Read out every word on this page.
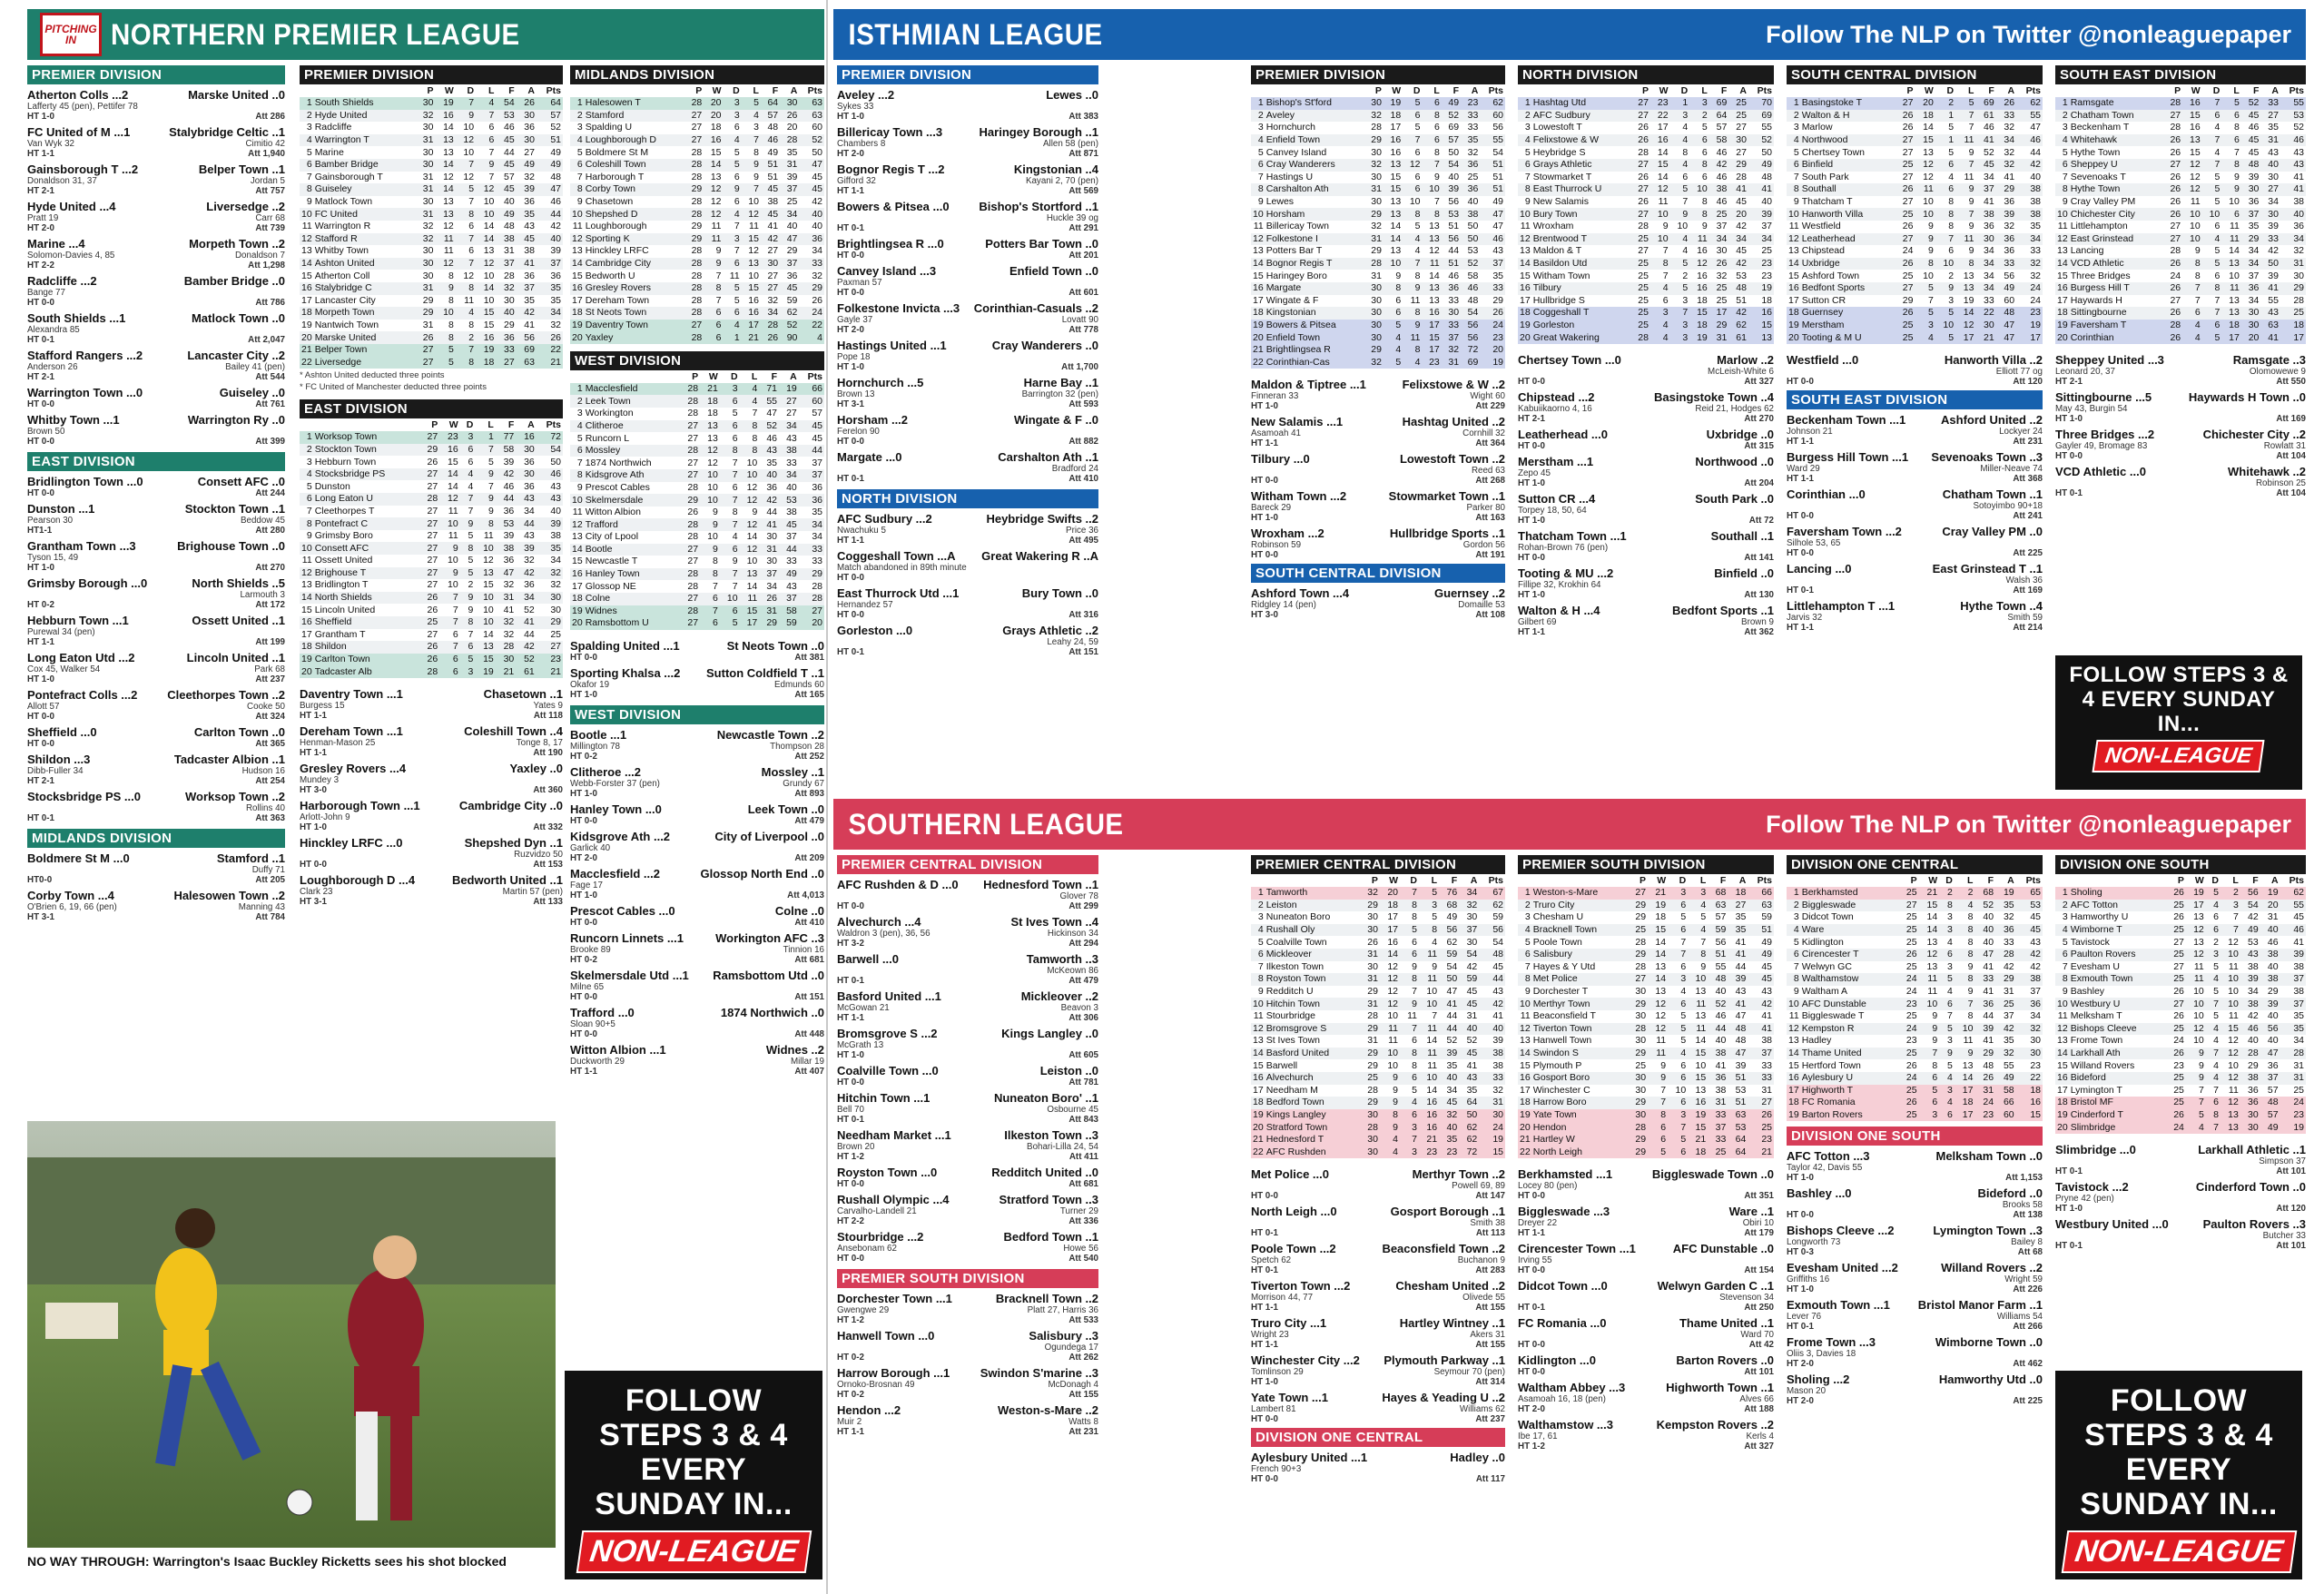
PITCHING IN	NORTHERN PREMIER LEAGUE	ISTHMIAN LEAGUE	Follow The NLP on Twitter @nonleaguepaper
SOUTHERN LEAGUE	Follow The NLP on Twitter @nonleaguepaper
PREMIER DIVISION
Atherton Colls ...2	Marske United ..0
Lafferty 45 (pen), Pettifer 78
HT 1-0	Att 286
FC United of M ...1	Stalybridge Celtic ..1
Van Wyk 32	Cimitio 42
HT 1-1	Att 1,940
Gainsborough T ...2	Belper Town ..1
Donaldson 31, 37	Jordan 5
HT 2-1	Att 757
Hyde United ...4	Liversedge ..2
Pratt 19	Carr 68
HT 2-0	Att 739
Marine ...4	Morpeth Town ..2
Solomon-Davies 4, 85	Donaldson 7
HT 2-2	Att 1,298
Radcliffe ...2	Bamber Bridge ..0
Bange 77
HT 0-0	Att 786
South Shields ...1	Matlock Town ..0
Alexandra 85
HT 0-1	Att 2,047
Stafford Rangers ...2	Lancaster City ..2
Anderson 26	Bailey 41 (pen)
HT 2-1	Att 544
Warrington Town ...0	Guiseley ..0
HT 0-0	Att 761
Whitby Town ...1	Warrington Ry ..0
Brown 50
HT 0-0	Att 399
EAST DIVISION
Bridlington Town ...0	Consett AFC ..0
HT 0-0	Att 244
Dunston ...1	Stockton Town ..1
Pearson 30	Beddow 45
HT1-1	Att 280
Grantham Town ...3	Brighouse Town ..0
Tyson 15, 49
HT 1-0	Att 270
Grimsby Borough ...0	North Shields ..5
Larmouth 3
HT 0-2	Att 172
Hebburn Town ...1	Ossett United ..1
Purewal 34 (pen)
HT 1-1	Att 199
Long Eaton Utd ...2	Lincoln United ..1
Cox 45, Walker 54	Park 68
HT 1-0	Att 237
Pontefract Colls ...2	Cleethorpes Town ..2
Allott 57	Cooke 50
HT 0-0	Att 324
Sheffield ...0	Carlton Town ..0
HT 0-0	Att 365
Shildon ...3	Tadcaster Albion ..1
Dibb-Fuller 34	Hudson 16
HT 2-1	Att 254
Stocksbridge PS ...0	Worksop Town ..2
Rollins 40
HT 0-1	Att 363
MIDLANDS DIVISION
Boldmere St M ...0	Stamford ..1
Duffy 71
HT0-0	Att 205
Corby Town ...4	Halesowen Town ..2
O'Brien 6, 19, 66 (pen)	Manning 43
HT 3-1	Att 784
PREMIER DIVISION
		P	W	D	L	F	A	Pts
1	South Shields	30	19	7	4	54	26	64
2	Hyde United	32	16	9	7	53	30	57
3	Radcliffe	30	14	10	6	46	36	52
4	Warrington T	31	13	12	6	45	30	51
5	Marine	30	13	10	7	44	27	49
6	Bamber Bridge	30	14	7	9	45	49	49
7	Gainsborough T	31	12	12	7	57	32	48
8	Guiseley	31	14	5	12	45	39	47
9	Matlock Town	30	13	7	10	40	36	46
10	FC United	31	13	8	10	49	35	44
11	Warrington R	32	12	6	14	48	43	42
12	Stafford R	32	11	7	14	38	45	40
13	Whitby Town	30	11	6	13	31	38	39
14	Ashton United	30	12	7	12	37	41	37
15	Atherton Coll	30	8	12	10	28	36	36
16	Stalybridge C	31	9	8	14	32	37	35
17	Lancaster City	29	8	11	10	30	35	35
18	Morpeth Town	29	10	4	15	40	42	34
19	Nantwich Town	31	8	8	15	29	41	32
20	Marske United	26	8	2	16	36	56	26
21	Belper Town	27	5	7	19	33	69	22
22	Liversedge	27	5	8	18	27	63	21
* Ashton United deducted three points
* FC United of Manchester deducted three points
EAST DIVISION
		P	W	D	L	F	A	Pts
1	Worksop Town	27	23	3	1	77	16	72
2	Stockton Town	29	16	6	7	58	30	54
3	Hebburn Town	26	15	6	5	39	36	50
4	Stocksbridge PS	27	14	4	9	42	30	46
5	Dunston	27	14	4	7	46	36	43
6	Long Eaton U	28	12	7	9	44	43	43
7	Cleethorpes T	27	11	7	9	36	34	40
8	Pontefract C	27	10	9	8	53	44	39
9	Grimsby Boro	27	11	5	11	39	43	38
10	Consett AFC	27	9	8	10	38	39	35
11	Ossett United	27	10	5	12	36	32	34
12	Brighouse T	27	9	5	13	47	42	32
13	Bridlington T	27	10	2	15	32	36	32
14	North Shields	26	7	9	10	31	34	30
15	Lincoln United	26	7	9	10	41	52	30
16	Sheffield	25	7	8	10	32	41	29
17	Grantham T	27	6	7	14	32	44	25
18	Shildon	26	7	6	13	28	42	27
19	Carlton Town	26	6	5	15	30	52	23
20	Tadcaster Alb	28	6	3	19	21	61	21
Daventry Town ...1	Chasetown ..1
Burgess 15	Yates 9
HT 1-1	Att 118
Dereham Town ...1	Coleshill Town ..4
Henman-Mason 25	Tonge 8, 17
HT 1-1	Att 190
Gresley Rovers ...4	Yaxley ..0
Mundey 3
HT 3-0	Att 360
Harborough Town ...1	Cambridge City ..0
Arlott-John 9
HT 1-0	Att 332
Hinckley LRFC ...0	Shepshed Dyn ..1
Ruzvidzo 50
HT 0-0	Att 153
Loughborough D ...4	Bedworth United ..1
Clark 23	Martin 57 (pen)
HT 3-1	Att 133
MIDLANDS DIVISION
		P	W	D	L	F	A	Pts
1	Halesowen T	28	20	3	5	64	30	63
2	Stamford	27	20	3	4	57	26	63
3	Spalding U	27	18	6	3	48	20	60
4	Loughborough D	27	16	4	7	46	28	52
5	Boldmere St M	28	15	5	8	49	35	50
6	Coleshill Town	28	14	5	9	51	31	47
7	Harborough T	28	13	6	9	51	39	45
8	Corby Town	29	12	9	7	45	37	45
9	Chasetown	28	12	6	10	38	25	42
10	Shepshed D	28	12	4	12	45	34	40
11	Loughborough	29	11	7	11	41	40	40
12	Sporting K	29	11	3	15	42	47	36
13	Hinckley LRFC	28	9	7	12	27	29	34
14	Cambridge City	28	9	6	13	30	37	33
15	Bedworth U	28	7	11	10	27	36	32
16	Gresley Rovers	28	8	5	15	27	45	29
17	Dereham Town	28	7	5	16	32	59	26
18	St Neots Town	28	6	6	16	34	62	24
19	Daventry Town	27	6	4	17	28	52	22
20	Yaxley	28	6	1	21	26	90	4
WEST DIVISION
		P	W	D	L	F	A	Pts
1	Macclesfield	28	21	3	4	71	19	66
2	Leek Town	28	18	6	4	55	27	60
3	Workington	28	18	5	7	47	27	57
4	Clitheroe	27	13	6	8	52	34	45
5	Runcorn L	27	13	6	8	46	43	45
6	Mossley	28	12	8	8	43	38	44
7	1874 Northwich	27	12	7	10	35	33	37
8	Kidsgrove Ath	27	10	7	10	40	34	37
9	Prescot Cables	28	10	6	12	36	40	36
10	Skelmersdale	29	10	7	12	42	53	36
11	Witton Albion	26	9	8	9	44	38	35
12	Trafford	28	9	7	12	41	45	34
13	City of Lpool	28	10	4	14	30	37	34
14	Bootle	27	9	6	12	31	44	33
15	Newcastle T	27	8	9	10	30	33	33
16	Hanley Town	28	8	7	13	37	49	29
17	Glossop NE	28	7	7	14	34	43	28
18	Colne	27	6	10	11	26	37	28
19	Widnes	28	7	6	15	31	58	27
20	Ramsbottom U	27	6	5	17	29	59	20
Spalding United ...1	St Neots Town ..0
HT 0-0	Att 381
Sporting Khalsa ...2	Sutton Coldfield T ..1
Okafor 19	Edmunds 60
HT 1-0	Att 165
WEST DIVISION
Bootle ...1	Newcastle Town ..2
Millington 78	Thompson 28
HT 0-2	Att 252
Clitheroe ...2	Mossley ..1
Webb-Forster 37 (pen)	Grundy 67
HT 1-0	Att 893
Hanley Town ...0	Leek Town ..0
HT 0-0	Att 479
Kidsgrove Ath ...2	City of Liverpool ..0
Garlick 40
HT 2-0	Att 209
Macclesfield ...2	Glossop North End ..0
Fage 17
HT 1-0	Att 4,013
Prescot Cables ...0	Colne ..0
HT 0-0	Att 410
Runcorn Linnets ...1	Workington AFC ..3
Brooke 89	Tinnion 16
HT 0-2	Att 681
Skelmersdale Utd ...1	Ramsbottom Utd ..0
Milne 65
HT 0-0	Att 151
Trafford ...0	1874 Northwich ..0
Sloan 90+5
HT 0-0	Att 448
Witton Albion ...1	Widnes ..2
Duckworth 29	Millar 19
HT 1-1	Att 407
FOLLOW STEPS 3 & 4 EVERY SUNDAY IN...
NON-LEAGUE
NO WAY THROUGH: Warrington's Isaac Buckley Ricketts sees his shot blocked
PREMIER DIVISION
Aveley ...2	Lewes ..0
Sykes 33
HT 1-0	Att 383
Billericay Town ...3	Haringey Borough ..1
Chambers 8	Allen 58 (pen)
HT 2-0	Att 871
Bognor Regis T ...2	Kingstonian ..4
Gifford 32	Kayani 2, 70 (pen)
HT 1-1	Att 569
Bowers & Pitsea ...0	Bishop's Stortford ..1
Huckle 39 og
HT 0-1	Att 291
Brightlingsea R ...0	Potters Bar Town ..0
HT 0-0	Att 201
Canvey Island ...3	Enfield Town ..0
Paxman 57
HT 0-0	Att 601
Folkestone Invicta ...3	Corinthian-Casuals ..2
Gayle 37	Lovatt 90
HT 2-0	Att 778
Hastings United ...1	Cray Wanderers ..0
Pope 18
HT 1-0	Att 1,700
Hornchurch ...5	Harne Bay ..1
Brown 13	Barrington 32 (pen)
HT 3-1	Att 593
Horsham ...2	Wingate & F ..0
Ferelon 90
HT 0-0	Att 882
Margate ...0	Carshalton Ath ..1
Bradford 24
HT 0-1	Att 410
NORTH DIVISION
AFC Sudbury ...2	Heybridge Swifts ..2
Nwachuku 5	Price 36
HT 1-1	Att 495
Coggeshall Town ...A	Great Wakering R ..A
Match abandoned in 89th minute
HT 0-0
East Thurrock Utd ...1	Bury Town ..0
Hernandez 57
HT 0-0	Att 316
Gorleston ...0	Grays Athletic ..2
Leahy 24, 59
HT 0-1	Att 151
PREMIER DIVISION
		P	W	D	L	F	A	Pts
1	Bishop's St'ford	30	19	5	6	49	23	62
2	Aveley	32	18	6	8	52	33	60
3	Hornchurch	28	17	5	6	69	33	56
4	Enfield Town	29	16	7	6	57	35	55
5	Canvey Island	30	16	6	8	50	32	54
6	Cray Wanderers	32	13	12	7	54	36	51
7	Hastings U	30	15	6	9	40	25	51
8	Carshalton Ath	31	15	6	10	39	36	51
9	Lewes	30	13	10	7	56	40	49
10	Horsham	29	13	8	8	53	38	47
11	Billericay Town	32	14	5	13	51	50	47
12	Folkestone I	31	14	4	13	56	50	46
13	Potters Bar T	29	13	4	12	44	53	43
14	Bognor Regis T	28	10	7	11	51	52	37
15	Haringey Boro	31	9	8	14	46	58	35
16	Margate	30	8	9	13	36	46	33
17	Wingate & F	30	6	11	13	33	48	29
18	Kingstonian	30	6	8	16	30	54	26
19	Bowers & Pitsea	30	5	9	17	33	56	24
20	Enfield Town	30	4	11	15	37	56	23
21	Brightlingsea R	29	4	8	17	32	72	20
22	Corinthian-Cas	32	5	4	23	31	69	19
Maldon & Tiptree ...1	Felixstowe & W ..2
Finneran 33	Wight 60
HT 1-0	Att 229
New Salamis ...1	Hashtag United ..2
Asamoah 41	Cornhill 32
HT 1-1	Att 364
Tilbury ...0	Lowestoft Town ..2
Reed 63
HT 0-0	Att 268
Witham Town ...2	Stowmarket Town ..1
Bareck 29	Parker 80
HT 1-0	Att 163
Wroxham ...2	Hullbridge Sports ..1
Robinson 59	Gordon 56
HT 0-0	Att 191
SOUTH CENTRAL DIVISION
Ashford Town ...4	Guernsey ..2
Ridgley 14 (pen)	Domaille 53
HT 3-0	Att 108
NORTH DIVISION
		P	W	D	L	F	A	Pts
1	Hashtag Utd	27	23	1	3	69	25	70
2	AFC Sudbury	27	22	3	2	64	25	69
3	Lowestoft T	26	17	4	5	57	27	55
4	Felixstowe & W	26	16	4	6	58	30	52
5	Heybridge S	28	14	8	6	46	27	50
6	Grays Athletic	27	15	4	8	42	29	49
7	Stowmarket T	26	14	6	6	46	28	48
8	East Thurrock U	27	12	5	10	38	41	41
9	New Salamis	26	11	7	8	46	45	40
10	Bury Town	27	10	9	8	25	20	39
11	Wroxham	28	9	10	9	37	42	37
12	Brentwood T	25	10	4	11	34	34	34
13	Maldon & T	27	7	4	16	30	45	25
14	Basildon Utd	25	8	5	12	26	42	23
15	Witham Town	25	7	2	16	32	53	23
16	Tilbury	25	4	5	16	25	48	19
17	Hullbridge S	25	6	3	18	25	51	18
18	Coggeshall T	25	3	7	15	17	42	16
19	Gorleston	25	4	3	18	29	62	15
20	Great Wakering	28	4	3	19	31	61	13
Chertsey Town ...0	Marlow ..2
McLeish-White 6
HT 0-0	Att 327
Chipstead ...2	Basingstoke Town ..4
Kabuiikaorno 4, 16	Reid 21, Hodges 62
HT 2-1	Att 270
Leatherhead ...0	Uxbridge ..0
HT 0-0	Att 315
Merstham ...1	Northwood ..0
Zepo 45
HT 1-0	Att 204
Sutton CR ...4	South Park ..0
Torpey 18, 50, 64
HT 1-0	Att 72
Thatcham Town ...1	Southall ..1
Rohan-Brown 76 (pen)
HT 0-0	Att 141
Tooting & MU ...2	Binfield ..0
Fillipe 32, Krokhin 64
HT 1-0	Att 130
Walton & H ...4	Bedfont Sports ..1
Gilbert 69	Brown 9
HT 1-1	Att 362
SOUTH CENTRAL DIVISION
		P	W	D	L	F	A	Pts
1	Basingstoke T	27	20	2	5	69	26	62
2	Walton & H	26	18	1	7	61	33	55
3	Marlow	26	14	5	7	46	32	47
4	Northwood	27	15	1	11	41	34	46
5	Chertsey Town	27	13	5	9	52	32	44
6	Binfield	25	12	6	7	45	32	42
7	South Park	27	12	4	11	34	41	40
8	Southall	26	11	6	9	37	29	38
9	Thatcham T	27	10	8	9	41	36	38
10	Hanworth Villa	25	10	8	7	38	39	38
11	Westfield	26	9	8	9	36	32	35
12	Leatherhead	27	9	7	11	30	36	34
13	Chipstead	24	9	6	9	34	36	33
14	Uxbridge	26	8	10	8	34	33	32
15	Ashford Town	25	10	2	13	34	56	32
16	Bedfont Sports	27	5	9	13	34	49	24
17	Sutton CR	29	7	3	19	33	60	24
18	Guernsey	26	5	5	14	22	48	23
19	Merstham	25	3	10	12	30	47	19
20	Tooting & M U	25	4	5	17	21	47	17
Westfield ...0	Hanworth Villa ..2
Elliott 77 og
HT 0-0	Att 120
SOUTH EAST DIVISION
Beckenham Town ...1	Ashford United ..2
Johnson 21	Lockyer 24
HT 1-1	Att 231
Burgess Hill Town ...1	Sevenoaks Town ..3
Ward 29	Miller-Neave 74
HT 1-1	Att 368
Corinthian ...0	Chatham Town ..1
Sotoyimbo 90+18
HT 0-0	Att 241
Faversham Town ...2	Cray Valley PM ..0
Silhole 53, 65
HT 0-0	Att 225
Lancing ...0	East Grinstead T ..1
Walsh 36
HT 0-1	Att 169
Littlehampton T ...1	Hythe Town ..4
Jarvis 32	Smith 59
HT 1-1	Att 214
SOUTH EAST DIVISION
		P	W	D	L	F	A	Pts
1	Ramsgate	28	16	7	5	52	33	55
2	Chatham Town	27	15	6	6	45	27	53
3	Beckenham T	28	16	4	8	46	35	52
4	Whitehawk	26	13	7	6	45	31	46
5	Hythe Town	26	15	4	7	45	43	43
6	Sheppey U	27	12	7	8	48	40	43
7	Sevenoaks T	26	12	5	9	39	30	41
8	Hythe Town	26	12	5	9	30	27	41
9	Cray Valley PM	26	11	5	10	36	34	38
10	Chichester City	26	10	10	6	37	30	40
11	Littlehampton	27	10	6	11	35	39	36
12	East Grinstead	27	10	4	11	29	33	34
13	Lancing	28	9	5	14	34	42	32
14	VCD Athletic	26	8	5	13	34	50	31
15	Three Bridges	24	8	6	10	37	39	30
16	Burgess Hill T	26	7	8	11	36	41	29
17	Haywards H	27	7	7	13	34	55	28
18	Sittingbourne	26	6	7	13	30	43	25
19	Faversham T	28	4	6	18	30	63	18
20	Corinthian	26	4	5	17	20	41	17
Sheppey United ...3	Ramsgate ..3
Leonard 20, 37	Olomowewe 9
HT 2-1	Att 550
Sittingbourne ...5	Haywards H Town ..0
May 43, Burgin 54
HT 1-0	Att 169
Three Bridges ...2	Chichester City ..2
Gayler 49, Bromage 83	Rowlatt 31
HT 0-0	Att 104
VCD Athletic ...0	Whitehawk ..2
Robinson 25
HT 0-1	Att 104
FOLLOW STEPS 3 & 4 EVERY SUNDAY IN...
NON-LEAGUE
PREMIER CENTRAL DIVISION
AFC Rushden & D ...0	Hednesford Town ..1
Glover 78
HT 0-0	Att 299
Alvechurch ...4	St Ives Town ..4
Waldron 3 (pen), 36, 56	Hickinson 34
HT 3-2	Att 294
Barwell ...0	Tamworth ..3
McKeown 86
HT 0-1	Att 479
Basford United ...1	Mickleover ..2
McGowan 21	Beavon 3
HT 1-1	Att 306
Bromsgrove S ...2	Kings Langley ..0
McGrath 13
HT 1-0	Att 605
Coalville Town ...0	Leiston ..0
HT 0-0	Att 781
Hitchin Town ...1	Nuneaton Boro' ..1
Bell 70	Osbourne 45
HT 0-1	Att 843
Needham Market ...1	Ilkeston Town ..3
Brown 20	Bohari-Lilla 24, 54
HT 1-2	Att 411
Royston Town ...0	Redditch United ..0
HT 0-0	Att 681
Rushall Olympic ...4	Stratford Town ..3
Carvalho-Landell 21	Turner 29
HT 2-2	Att 336
Stourbridge ...2	Bedford Town ..1
Ansebonam 62	Howe 56
HT 0-0	Att 540
PREMIER SOUTH DIVISION
Dorchester Town ...1	Bracknell Town ..2
Gwengwe 29	Platt 27, Harris 36
HT 1-2	Att 533
Hanwell Town ...0	Salisbury ..3
Ogundega 17
HT 0-2	Att 262
Harrow Borough ...1	Swindon S'marine ..3
Ornoko-Brosnan 49	McDonagh 4
HT 0-2	Att 155
Hendon ...2	Weston-s-Mare ..2
Muir 2	Watts 8
HT 1-1	Att 231
PREMIER CENTRAL DIVISION
		P	W	D	L	F	A	Pts
1	Tamworth	32	20	7	5	76	34	67
2	Leiston	29	18	8	3	68	32	62
3	Nuneaton Boro	30	17	8	5	49	30	59
4	Rushall Oly	30	17	5	8	56	37	56
5	Coalville Town	26	16	6	4	62	30	54
6	Mickleover	31	14	6	11	59	54	48
7	Ilkeston Town	30	12	9	9	54	42	45
8	Royston Town	31	12	8	11	50	59	44
9	Redditch U	29	12	7	10	47	45	43
10	Hitchin Town	31	12	9	10	41	45	42
11	Stourbridge	28	10	11	7	44	31	41
12	Bromsgrove S	29	11	7	11	44	40	40
13	St Ives Town	31	11	6	14	52	52	39
14	Basford United	29	10	8	11	39	45	38
15	Barwell	29	10	8	11	35	41	38
16	Alvechurch	25	9	6	10	40	43	33
17	Needham M	28	9	5	14	34	35	32
18	Bedford Town	29	9	4	16	45	64	31
19	Kings Langley	30	8	6	16	32	50	30
20	Stratford Town	28	9	3	16	40	62	24
21	Hednesford T	30	4	7	21	35	62	19
22	AFC Rushden	30	4	3	23	23	72	15
Met Police ...0	Merthyr Town ..2
Powell 69, 89
HT 0-0	Att 147
North Leigh ...0	Gosport Borough ..1
Smith 38
HT 0-1	Att 113
Poole Town ...2	Beaconsfield Town ..2
Spetch 62	Buchanon 9
HT 0-1	Att 283
Tiverton Town ...2	Chesham United ..2
Morrison 44, 77	Olivede 55
HT 1-1	Att 155
Truro City ...1	Hartley Wintney ..1
Wright 23	Akers 31
HT 1-1	Att 155
Winchester City ...2	Plymouth Parkway ..1
Tomlinson 29	Seymour 70 (pen)
HT 1-0	Att 314
Yate Town ...1	Hayes & Yeading U ..2
Lambert 81	Williams 62
HT 0-0	Att 237
DIVISION ONE CENTRAL
Aylesbury United ...1	Hadley ..0
French 90+3
HT 0-0	Att 117
PREMIER SOUTH DIVISION
		P	W	D	L	F	A	Pts
1	Weston-s-Mare	27	21	3	3	68	18	66
2	Truro City	29	19	6	4	63	27	63
3	Chesham U	29	18	5	5	57	35	59
4	Bracknell Town	25	15	6	4	59	35	51
5	Poole Town	28	14	7	7	56	41	49
6	Salisbury	29	14	7	8	51	41	49
7	Hayes & Y Utd	28	13	6	9	55	44	45
8	Met Police	27	14	3	10	48	39	45
9	Dorchester T	30	13	4	13	40	43	43
10	Merthyr Town	29	12	6	11	52	41	42
11	Beaconsfield T	30	12	5	13	46	47	41
12	Tiverton Town	28	12	5	11	44	48	41
13	Hanwell Town	30	11	5	14	40	48	38
14	Swindon S	29	11	4	15	38	47	37
15	Plymouth P	25	9	6	10	41	39	33
16	Gosport Boro	30	9	6	15	36	51	33
17	Winchester C	30	7	10	13	38	53	31
18	Harrow Boro	29	7	6	16	31	51	27
19	Yate Town	30	8	3	19	33	63	26
20	Hendon	28	6	7	15	37	53	25
21	Hartley W	29	6	5	21	33	64	23
22	North Leigh	29	5	6	18	25	64	21
Berkhamsted ...1	Biggleswade Town ..0
Locey 80 (pen)
HT 0-0	Att 351
Biggleswade ...3	Ware ..1
Dreyer 22	Obiri 10
HT 1-1	Att 179
Cirencester Town ...1	AFC Dunstable ..0
Irving 55
HT 0-0	Att 154
Didcot Town ...0	Welwyn Garden C ..1
Stevenson 34
HT 0-1	Att 250
FC Romania ...0	Thame United ..1
Ward 70
HT 0-0	Att 42
Kidlington ...0	Barton Rovers ..0
HT 0-0	Att 101
Waltham Abbey ...3	Highworth Town ..1
Asamoah 16, 18 (pen)	Alves 66
HT 2-0	Att 188
Walthamstow ...3	Kempston Rovers ..2
Ibe 17, 61	Kerls 4
HT 1-2	Att 327
DIVISION ONE CENTRAL
		P	W	D	L	F	A	Pts
1	Berkhamsted	25	21	2	2	68	19	65
2	Biggleswade	27	15	8	4	52	35	53
3	Didcot Town	25	14	3	8	40	32	45
4	Ware	25	14	3	8	40	36	45
5	Kidlington	25	13	4	8	40	33	43
6	Cirencester T	26	12	6	8	47	28	42
7	Welwyn GC	25	13	3	9	41	42	42
8	Walthamstow	24	11	5	8	33	29	38
9	Waltham A	24	11	4	9	41	31	37
10	AFC Dunstable	23	10	6	7	36	25	36
11	Biggleswade T	25	9	7	8	44	37	34
12	Kempston R	24	9	5	10	39	42	32
13	Hadley	23	9	3	11	41	35	30
14	Thame United	25	7	9	9	29	32	30
15	Hertford Town	26	8	5	13	48	55	23
16	Aylesbury U	24	6	4	14	26	49	22
17	Highworth T	25	5	3	17	31	58	18
18	FC Romania	26	6	4	18	24	66	16
19	Barton Rovers	25	3	6	17	23	60	15
DIVISION ONE SOUTH
AFC Totton ...3	Melksham Town ..0
Taylor 42, Davis 55
HT 1-0	Att 1,153
Bashley ...0	Bideford ..0
Brooks 58
HT 0-0	Att 138
Bishops Cleeve ...2	Lymington Town ..3
Longworth 73	Bailey 8
HT 0-3	Att 68
Evesham United ...2	Willand Rovers ..2
Griffiths 16	Wright 59
HT 1-0	Att 226
Exmouth Town ...1	Bristol Manor Farm ..1
Lever 76	Williams 54
HT 0-1	Att 266
Frome Town ...3	Wimborne Town ..0
Oliis 3, Davies 18
HT 2-0	Att 462
Sholing ...2	Hamworthy Utd ..0
Mason 20
HT 2-0	Att 225
DIVISION ONE SOUTH
		P	W	D	L	F	A	Pts
1	Sholing	26	19	5	2	56	19	62
2	AFC Totton	25	17	4	3	54	20	55
3	Hamworthy U	26	13	6	7	42	31	45
4	Wimborne T	25	12	6	7	49	40	46
5	Tavistock	27	13	2	12	53	46	41
6	Paulton Rovers	25	12	3	10	43	38	39
7	Evesham U	27	11	5	11	38	40	38
8	Exmouth Town	25	11	4	10	39	38	37
9	Bashley	26	10	5	10	34	29	38
10	Westbury U	27	10	7	10	38	39	37
11	Melksham T	26	10	5	11	42	40	35
12	Bishops Cleeve	25	12	4	15	46	56	35
13	Frome Town	24	10	4	12	40	40	34
14	Larkhall Ath	26	9	7	12	28	47	28
15	Willand Rovers	23	9	4	10	29	36	31
16	Bideford	25	9	4	12	38	37	31
17	Lymington T	25	7	7	11	36	57	25
18	Bristol MF	25	7	6	12	36	48	24
19	Cinderford T	26	5	8	13	30	57	23
20	Slimbridge	24	4	7	13	30	49	19
Slimbridge ...0	Larkhall Athletic ..1
Simpson 37
HT 0-1	Att 101
Tavistock ...2	Cinderford Town ..0
Pryne 42 (pen)
HT 1-0	Att 120
Westbury United ...0	Paulton Rovers ..3
Butcher 33
HT 0-1	Att 101
FOLLOW STEPS 3 & 4 EVERY SUNDAY IN...
NON-LEAGUE
